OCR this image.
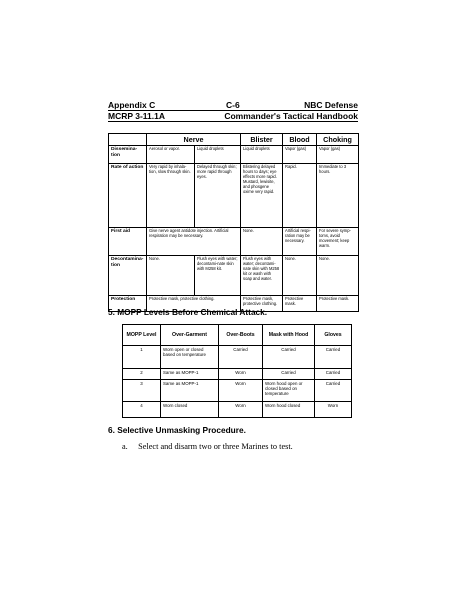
Appendix C	C-6	NBC Defense
MCRP 3-11.1A	Commander's Tactical Handbook
	Nerve		Blister	Blood	Choking
Dissemina-tion	Aerosol or vapor.	Liquid droplets	Liquid droplets	Vapor (gas)	Vapor (gas)
Rate of action	Very rapid by inhala-tion, slow through skin.	Delayed through skin; more rapid through eyes.	Blistering delayed hours to days; eye effects more rapid. Mustard, lewisite, and phosgene oxime very rapid.	Rapid.	Immediate to 3 hours.
First aid	Give nerve agent antidote injection. Artificial respiration may be necessary.		None.	Artificial respi-ration may be necessary.	For severe symp-toms, avoid movement; keep warm.
Decontamina-tion	None.	Flush eyes with water; decontami-nate skin with M258 kit.	Flush eyes with water; decontami-nate skin with M258 kit or wash with soap and water.	None.	None.
Protection	Protective mask, protective clothing.		Protective mask, protective clothing.	Protective mask.	Protective mask.
5. MOPP Levels Before Chemical Attack.
MOPP Level	Over-Garment	Over-Boots	Mask with Hood	Gloves
1	Worn open or closed based on temperature	Carried	Carried	Carried
2	Same as MOPP-1	Worn	Carried	Carried
3	Same as MOPP-1	Worn	Worn hood open or closed based on temperature	Carried
4	Worn closed	Worn	Worn hood closed	Worn
6. Selective Unmasking Procedure.
a.     Select and disarm two or three Marines to test.
